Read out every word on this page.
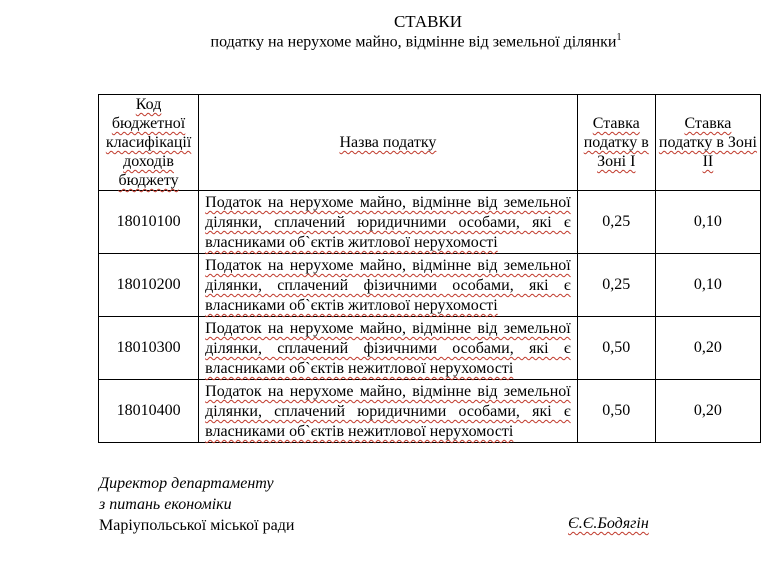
СТАВКИ
податку на нерухоме майно, відмінне від земельної ділянки$^1$
Код бюджетної класифікації доходів бюджету	Назва податку	Ставка податку в Зоні І	Ставка податку в Зоні ІІ
18010100	Податок на нерухоме майно, відмінне від земельної ділянки, сплачений юридичними особами, які є власниками об`єктів житлової нерухомості	0,25	0,10
18010200	Податок на нерухоме майно, відмінне від земельної ділянки, сплачений фізичними особами, які є власниками об`єктів житлової нерухомості	0,25	0,10
18010300	Податок на нерухоме майно, відмінне від земельної ділянки, сплачений фізичними особами, які є власниками об`єктів нежитлової нерухомості	0,50	0,20
18010400	Податок на нерухоме майно, відмінне від земельної ділянки, сплачений юридичними особами, які є власниками об`єктів нежитлової нерухомості	0,50	0,20
Директор департаменту
з питань економіки
Маріупольської міської ради	Є.Є.Бодягін
